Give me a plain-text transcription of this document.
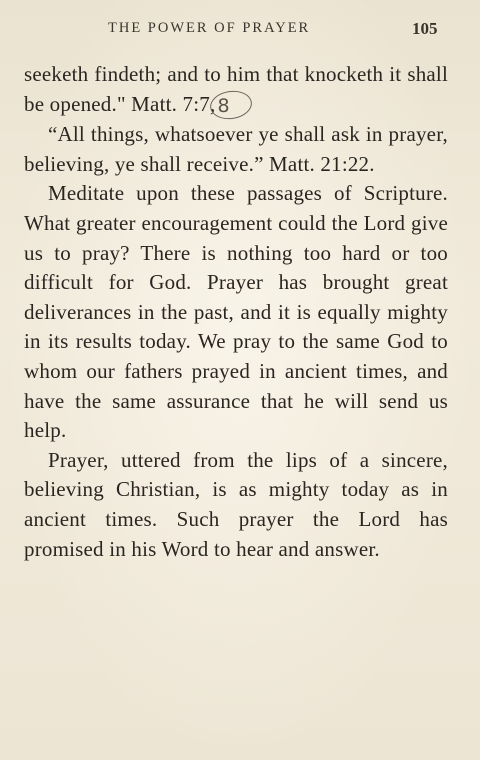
THE POWER OF PRAYER	105

seeketh findeth; and to him that knocketh it shall be opened." Matt. 7:7, 8

“All things, whatsoever ye shall ask in prayer, believing, ye shall receive.” Matt. 21:22.

Meditate upon these passages of Scripture. What greater encouragement could the Lord give us to pray? There is nothing too hard or too difficult for God. Prayer has brought great deliverances in the past, and it is equally mighty in its results today. We pray to the same God to whom our fathers prayed in ancient times, and have the same assurance that he will send us help.

Prayer, uttered from the lips of a sincere, believing Christian, is as mighty today as in ancient times. Such prayer the Lord has promised in his Word to hear and answer.
